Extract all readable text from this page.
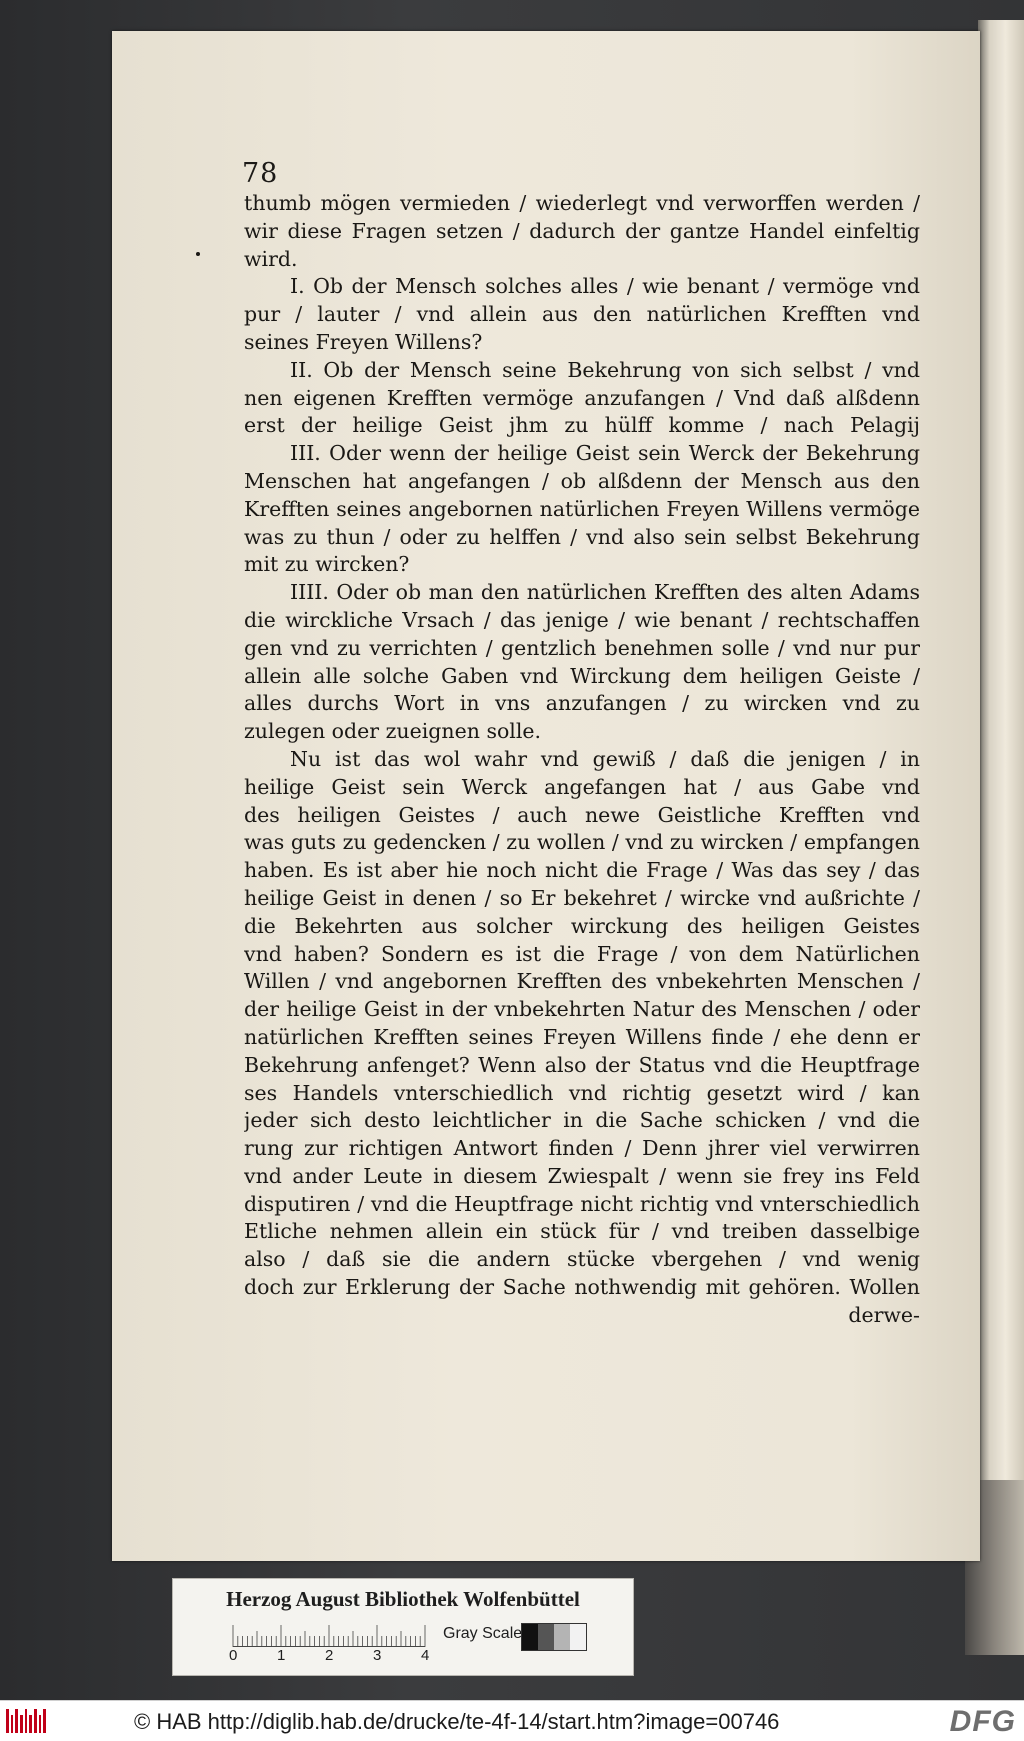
78
thumb mögen vermieden / wiederlegt vnd verworffen werden /
wir diese Fragen setzen / dadurch der gantze Handel einfeltig
wird.
I. Ob der Mensch solches alles / wie benant / vermöge vnd
pur / lauter / vnd allein aus den natürlichen Krefften vnd
seines Freyen Willens?
II. Ob der Mensch seine Bekehrung von sich selbst / vnd
nen eigenen Krefften vermöge anzufangen / Vnd daß alßdenn
erst der heilige Geist jhm zu hülff komme / nach Pelagij
III. Oder wenn der heilige Geist sein Werck der Bekehrung
Menschen hat angefangen / ob alßdenn der Mensch aus den
Krefften seines angebornen natürlichen Freyen Willens vermöge
was zu thun / oder zu helffen / vnd also sein selbst Bekehrung
mit zu wircken?
IIII. Oder ob man den natürlichen Krefften des alten Adams
die wirckliche Vrsach / das jenige / wie benant / rechtschaffen
gen vnd zu verrichten / gentzlich benehmen solle / vnd nur pur
allein alle solche Gaben vnd Wirckung dem heiligen Geiste /
alles durchs Wort in vns anzufangen / zu wircken vnd zu
zulegen oder zueignen solle.
Nu ist das wol wahr vnd gewiß / daß die jenigen / in
heilige Geist sein Werck angefangen hat / aus Gabe vnd
des heiligen Geistes / auch newe Geistliche Krefften vnd
was guts zu gedencken / zu wollen / vnd zu wircken / empfangen
haben. Es ist aber hie noch nicht die Frage / Was das sey / das
heilige Geist in denen / so Er bekehret / wircke vnd außrichte /
die Bekehrten aus solcher wirckung des heiligen Geistes
vnd haben? Sondern es ist die Frage / von dem Natürlichen
Willen / vnd angebornen Krefften des vnbekehrten Menschen /
der heilige Geist in der vnbekehrten Natur des Menschen / oder
natürlichen Krefften seines Freyen Willens finde / ehe denn er
Bekehrung anfenget? Wenn also der Status vnd die Heuptfrage
ses Handels vnterschiedlich vnd richtig gesetzt wird / kan
jeder sich desto leichtlicher in die Sache schicken / vnd die
rung zur richtigen Antwort finden / Denn jhrer viel verwirren
vnd ander Leute in diesem Zwiespalt / wenn sie frey ins Feld
disputiren / vnd die Heuptfrage nicht richtig vnd vnterschiedlich
Etliche nehmen allein ein stück für / vnd treiben dasselbige
also / daß sie die andern stücke vbergehen / vnd wenig
doch zur Erklerung der Sache nothwendig mit gehören. Wollen
derwe-
Herzog August Bibliothek Wolfenbüttel
0	1	2	3	4
Gray Scale
© HAB http://diglib.hab.de/drucke/te-4f-14/start.htm?image=00746	DFG
